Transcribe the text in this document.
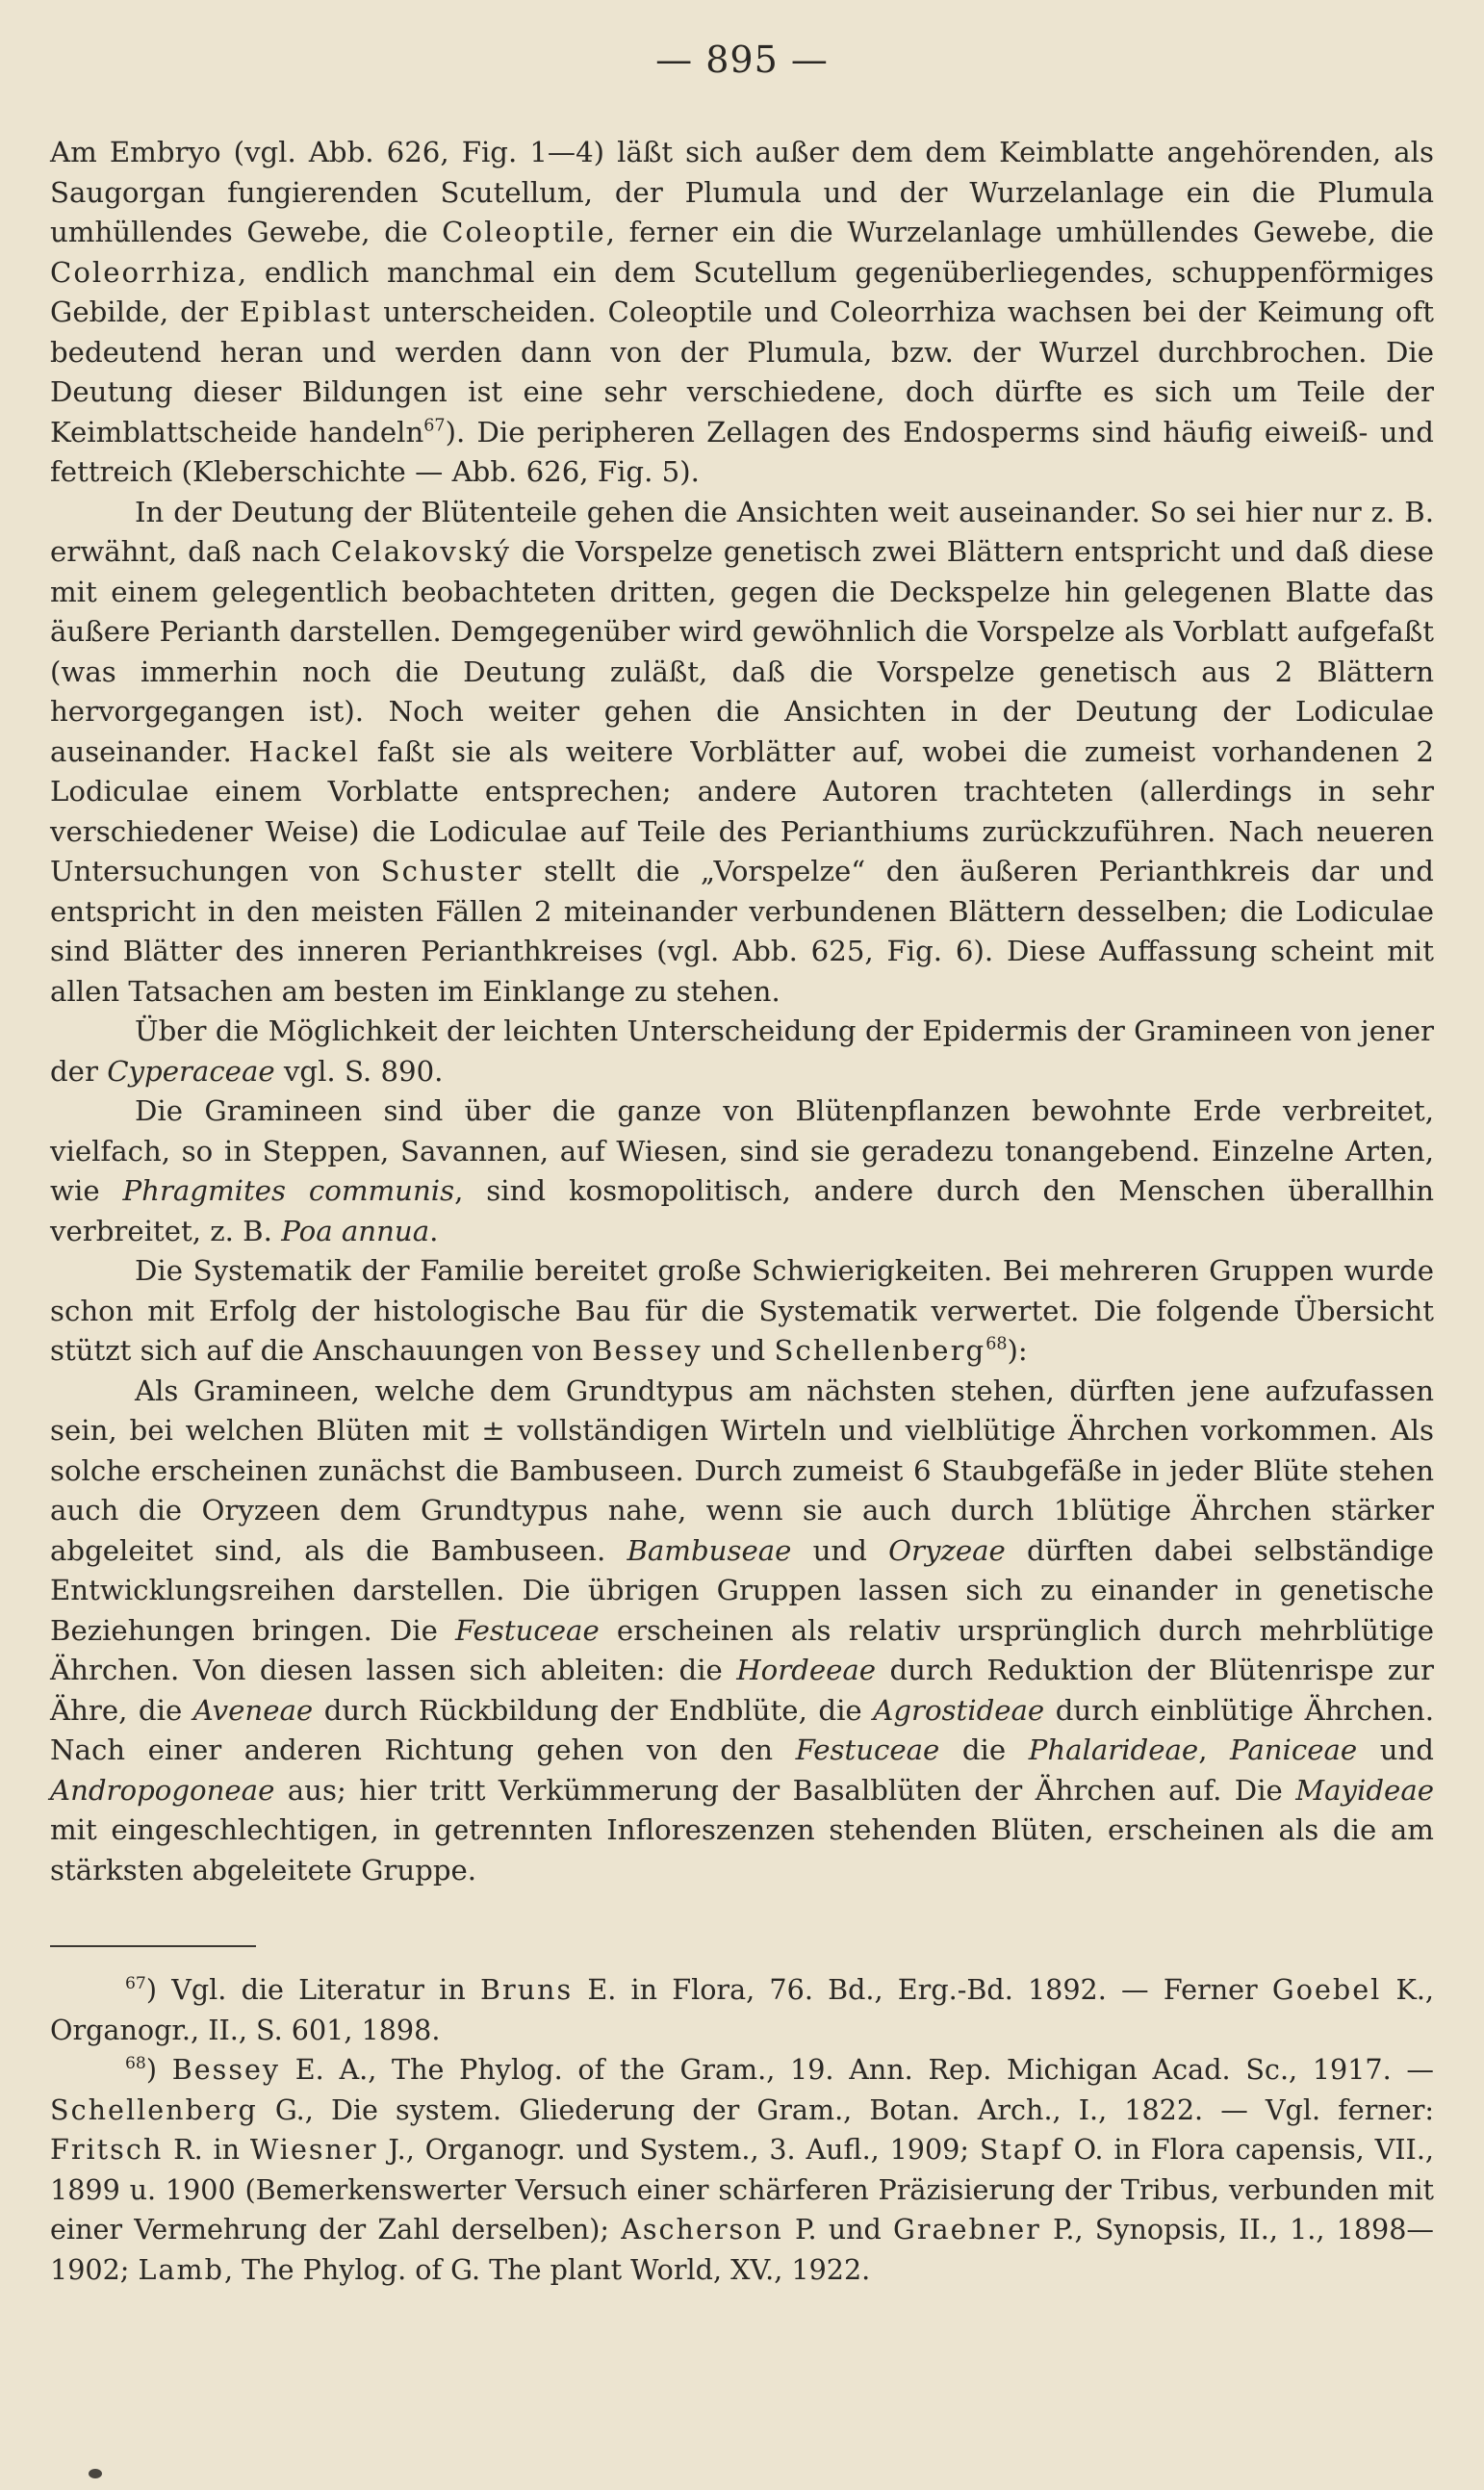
— 895 —

Am Embryo (vgl. Abb. 626, Fig. 1—4) läßt sich außer dem dem Keimblatte angehörenden, als Saugorgan fungierenden Scutellum, der Plumula und der Wurzelanlage ein die Plumula umhüllendes Gewebe, die Coleoptile, ferner ein die Wurzelanlage umhüllendes Gewebe, die Coleorrhiza, endlich manchmal ein dem Scutellum gegenüberliegendes, schuppenförmiges Gebilde, der Epiblast unterscheiden. Coleoptile und Coleorrhiza wachsen bei der Keimung oft bedeutend heran und werden dann von der Plumula, bzw. der Wurzel durchbrochen. Die Deutung dieser Bildungen ist eine sehr verschiedene, doch dürfte es sich um Teile der Keimblattscheide handeln$^{67}$). Die peripheren Zellagen des Endosperms sind häufig eiweiß- und fettreich (Kleberschichte — Abb. 626, Fig. 5).

In der Deutung der Blütenteile gehen die Ansichten weit auseinander. So sei hier nur z. B. erwähnt, daß nach Celakovský die Vorspelze genetisch zwei Blättern entspricht und daß diese mit einem gelegentlich beobachteten dritten, gegen die Deckspelze hin gelegenen Blatte das äußere Perianth darstellen. Demgegenüber wird gewöhnlich die Vorspelze als Vorblatt aufgefaßt (was immerhin noch die Deutung zuläßt, daß die Vorspelze genetisch aus 2 Blättern hervorgegangen ist). Noch weiter gehen die Ansichten in der Deutung der Lodiculae auseinander. Hackel faßt sie als weitere Vorblätter auf, wobei die zumeist vorhandenen 2 Lodiculae einem Vorblatte entsprechen; andere Autoren trachteten (allerdings in sehr verschiedener Weise) die Lodiculae auf Teile des Perianthiums zurückzuführen. Nach neueren Untersuchungen von Schuster stellt die „Vorspelze“ den äußeren Perianthkreis dar und entspricht in den meisten Fällen 2 miteinander verbundenen Blättern desselben; die Lodiculae sind Blätter des inneren Perianthkreises (vgl. Abb. 625, Fig. 6). Diese Auffassung scheint mit allen Tatsachen am besten im Einklange zu stehen.

Über die Möglichkeit der leichten Unterscheidung der Epidermis der Gramineen von jener der Cyperaceae vgl. S. 890.

Die Gramineen sind über die ganze von Blütenpflanzen bewohnte Erde verbreitet, vielfach, so in Steppen, Savannen, auf Wiesen, sind sie geradezu tonangebend. Einzelne Arten, wie Phragmites communis, sind kosmopolitisch, andere durch den Menschen überallhin verbreitet, z. B. Poa annua.

Die Systematik der Familie bereitet große Schwierigkeiten. Bei mehreren Gruppen wurde schon mit Erfolg der histologische Bau für die Systematik verwertet. Die folgende Übersicht stützt sich auf die Anschauungen von Bessey und Schellenberg$^{68}$):

Als Gramineen, welche dem Grundtypus am nächsten stehen, dürften jene aufzufassen sein, bei welchen Blüten mit ± vollständigen Wirteln und vielblütige Ährchen vorkommen. Als solche erscheinen zunächst die Bambuseen. Durch zumeist 6 Staubgefäße in jeder Blüte stehen auch die Oryzeen dem Grundtypus nahe, wenn sie auch durch 1blütige Ährchen stärker abgeleitet sind, als die Bambuseen. Bambuseae und Oryzeae dürften dabei selbständige Entwicklungsreihen darstellen. Die übrigen Gruppen lassen sich zu einander in genetische Beziehungen bringen. Die Festuceae erscheinen als relativ ursprünglich durch mehrblütige Ährchen. Von diesen lassen sich ableiten: die Hordeeae durch Reduktion der Blütenrispe zur Ähre, die Aveneae durch Rückbildung der Endblüte, die Agrostideae durch einblütige Ährchen. Nach einer anderen Richtung gehen von den Festuceae die Phalarideae, Paniceae und Andropogoneae aus; hier tritt Verkümmerung der Basalblüten der Ährchen auf. Die Mayideae mit eingeschlechtigen, in getrennten Infloreszenzen stehenden Blüten, erscheinen als die am stärksten abgeleitete Gruppe.

$^{67}$) Vgl. die Literatur in Bruns E. in Flora, 76. Bd., Erg.-Bd. 1892. — Ferner Goebel K., Organogr., II., S. 601, 1898.

$^{68}$) Bessey E. A., The Phylog. of the Gram., 19. Ann. Rep. Michigan Acad. Sc., 1917. — Schellenberg G., Die system. Gliederung der Gram., Botan. Arch., I., 1822. — Vgl. ferner: Fritsch R. in Wiesner J., Organogr. und System., 3. Aufl., 1909; Stapf O. in Flora capensis, VII., 1899 u. 1900 (Bemerkenswerter Versuch einer schärferen Präzisierung der Tribus, verbunden mit einer Vermehrung der Zahl derselben); Ascherson P. und Graebner P., Synopsis, II., 1., 1898—1902; Lamb, The Phylog. of G. The plant World, XV., 1922.
